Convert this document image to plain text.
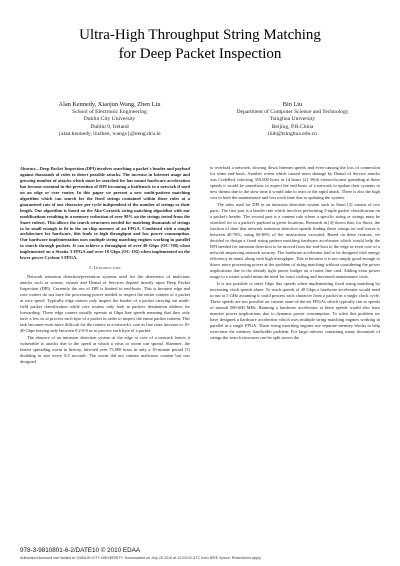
Ultra-High Throughput String Matching
for Deep Packet Inspection
Alan Kennedy, Xiaojun Wang, Zhen Liu
School of Electronic Engineering
Dublin City University
Dublin 9, Ireland
{alan.kennedy, liuzhen, wangx}@eeng.dcu.ie
Bin Liu
Department of Computer Science and Technology
Tsinghua University
Beijing, P.R.China
liub@tsinghua.edu.cn

Abstract—Deep Packet Inspection (DPI) involves searching a packet's header and payload against thousands of rules to detect possible attacks. The increase in Internet usage and growing number of attacks which must be searched for has meant hardware acceleration has become essential in the prevention of DPI becoming a bottleneck to a network if used on an edge or core router. In this paper we present a new multi-pattern matching algorithm which can search for the fixed strings contained within these rules at a guaranteed rate of one character per cycle independent of the number of strings or their length. Our algorithm is based on the Aho-Corasick string matching algorithm with our modifications resulting in a memory reduction of over 98% on the strings tested from the Snort ruleset. This allows the search structures needed for matching thousands of strings to be small enough to fit in the on-chip memory of an FPGA. Combined with a simple architecture for hardware, this leads to high throughput and low power consumption. Our hardware implementation uses multiple string matching engines working in parallel to search through packets. It can achieve a throughput of over 40 Gbps (OC-768) when implemented on a Stratix 3 FPGA and over 10 Gbps (OC-192) when implemented on the lower power Cyclone 3 FPGA.

I. Introduction

Network intrusion detection/prevention systems used for the deterrence of malicious attacks such as worms, viruses and Denial of Services depend heavily upon Deep Packet Inspection (DPI). Currently the use of DPI is limited to end-hosts. This is because edge and core routers do not have the processing power needed to inspect the entire content of a packet at wire speed. Typically edge routers only inspect the header of a packet carrying out multi-field packet classification while core routers only look at packets destination address for forwarding. These edge routers usually operate at Gbps line speeds meaning that they only have a few ns to process each byte of a packet in order to inspect the entire packet content. This task becomes even more difficult for the routers at a network's core as line rates increase to 10-40 Gbps leaving only between 0.2-0.8 ns to process each byte of a packet.

The absence of an intrusion detection system at the edge or core of a network leaves it vulnerable to attacks due to the speed at which a virus or worm can spread. Slammer, the fastest spreading worm in history, infected over 75,000 hosts in only a 10-minute period [1] doubling in size every 8.5 seconds. The worm did not contain malicious content but was designed

to overload a network, slowing down Internet speeds and even causing the loss of connection for some end-hosts. Another worm which caused mass damage by Denial of Service attacks was CodeRed, infecting 359,000 hosts in 14 hours [2]. With viruses/worms spreading at these speeds it would be unrealistic to expect the end-hosts of a network to update their systems to new threats due to the slow time it would take to react to the rapid attack. There is also the high cost in both the maintenance and lost work time due to updating the system.

The rules used for DPI in an intrusion detection system such as Snort [3] consist of two parts. The first part is a header rule which involves performing 5-tuple packet classification on a packet's header. The second part is a content rule where a specific string or strings must be searched for in a packet's payload at given locations. Research in [4] shows that, for Snort, the fraction of time that network intrusion detection spends finding these strings on real traces is between 40-70%, using 60-80% of the instructions executed. Based on these reasons, we decided to design a fixed string pattern matching hardware accelerator which would help the DPI needed for intrusion detection to be moved from the end-host to the edge or even core of a network improving network security. The hardware accelerator had to be designed with energy efficiency in mind, along with high throughput. This is because it is not simply good enough to throw more processing power at the problem of string matching without considering the power implications due to the already tight power budget on a router line card. Adding extra power usage to a router would mean the need for extra cooling and increased maintenance costs.

It is not possible to meet Gbps line speeds when implementing fixed string matching by increasing clock speeds alone. To reach speeds of 40 Gbps a hardware accelerator would need to run at 5 GHz assuming it could process each character from a packet in a single clock cycle. These speeds are not possible on current state-of-the-art FPGAs which typically run at speeds of around 500-600 MHz. Running a hardware accelerator at these speeds would also have massive power implications due to dynamic power consumption. To solve this problem we have designed a hardware accelerator which uses multiple string matching engines working in parallel in a single FPGA. These string matching engines use separate memory blocks to help overcome the memory bandwidth problem. For large rulesets containing many thousands of strings the search structures can be split across the

978-3-9810801-6-2/DATE10 © 2010 EDAA
Authorized licensed use limited to: DUBLIN CITY UNIVERSITY. Downloaded on July 20,2010 at 12:25:03 UTC from IEEE Xplore. Restrictions apply.
